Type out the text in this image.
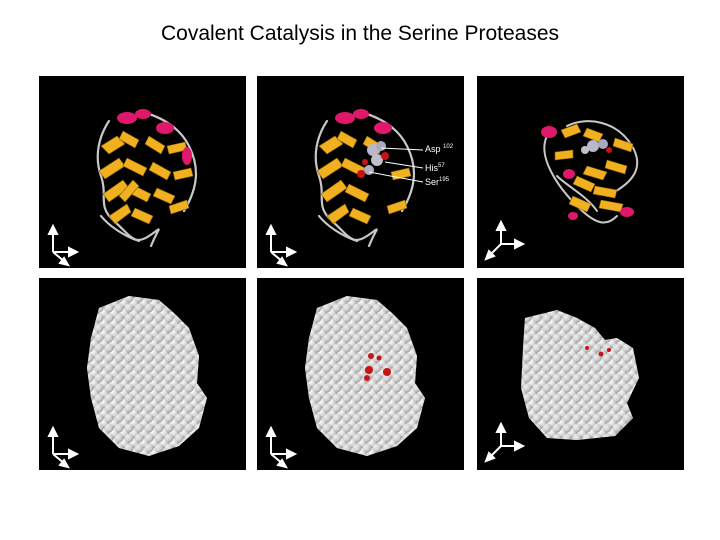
Covalent Catalysis in the Serine Proteases
Asp $^{102}$
His$^{57}$
Ser$^{195}$
